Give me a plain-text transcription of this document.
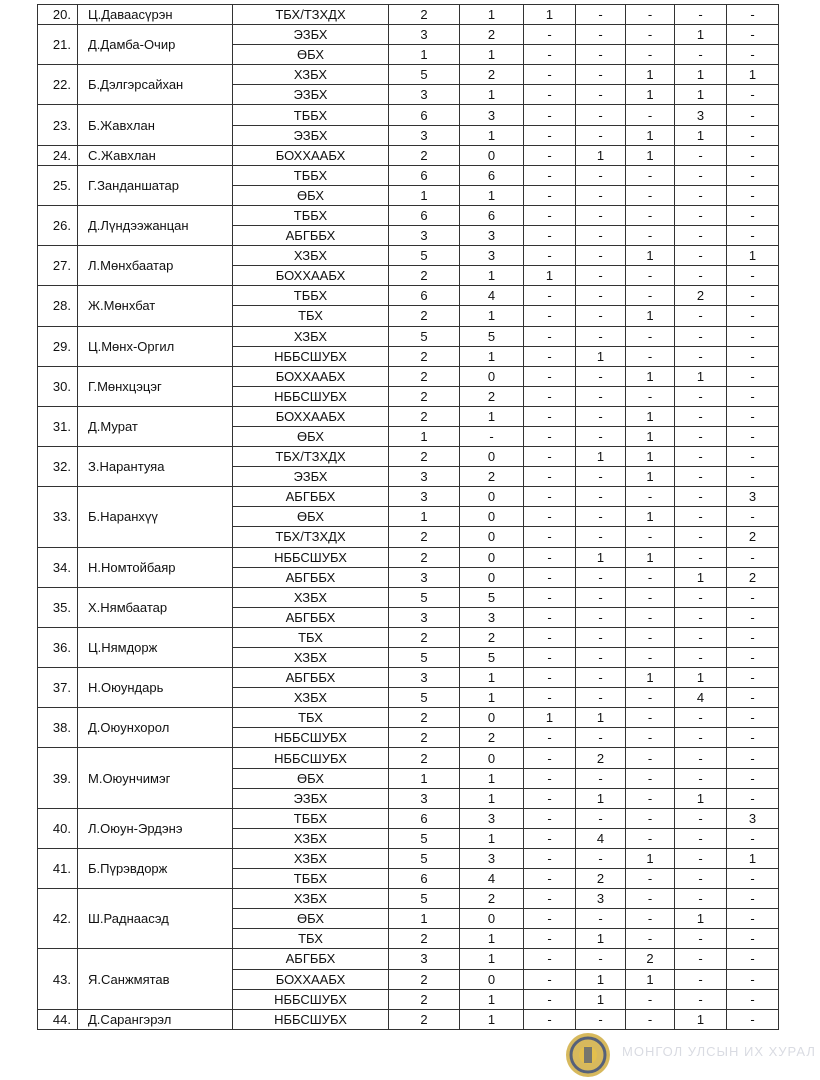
20.	Ц.Даваасүрэн	ТБХ/ТЗХДХ	2	1	1	-	-	-	-
21.	Д.Дамба-Очир	ЭЗБХ	3	2	-	-	-	1	-
		ӨБХ	1	1	-	-	-	-	-
22.	Б.Дэлгэрсайхан	ХЗБХ	5	2	-	-	1	1	1
		ЭЗБХ	3	1	-	-	1	1	-
23.	Б.Жавхлан	ТББХ	6	3	-	-	-	3	-
		ЭЗБХ	3	1	-	-	1	1	-
24.	С.Жавхлан	БОХХААБХ	2	0	-	1	1	-	-
25.	Г.Занданшатар	ТББХ	6	6	-	-	-	-	-
		ӨБХ	1	1	-	-	-	-	-
26.	Д.Лүндээжанцан	ТББХ	6	6	-	-	-	-	-
		АБГББХ	3	3	-	-	-	-	-
27.	Л.Мөнхбаатар	ХЗБХ	5	3	-	-	1	-	1
		БОХХААБХ	2	1	1	-	-	-	-
28.	Ж.Мөнхбат	ТББХ	6	4	-	-	-	2	-
		ТБХ	2	1	-	-	1	-	-
29.	Ц.Мөнх-Оргил	ХЗБХ	5	5	-	-	-	-	-
		НББСШУБХ	2	1	-	1	-	-	-
30.	Г.Мөнхцэцэг	БОХХААБХ	2	0	-	-	1	1	-
		НББСШУБХ	2	2	-	-	-	-	-
31.	Д.Мурат	БОХХААБХ	2	1	-	-	1	-	-
		ӨБХ	1	-	-	-	1	-	-
32.	З.Нарантуяа	ТБХ/ТЗХДХ	2	0	-	1	1	-	-
		ЭЗБХ	3	2	-	-	1	-	-
33.	Б.Наранхүү	АБГББХ	3	0	-	-	-	-	3
		ӨБХ	1	0	-	-	1	-	-
		ТБХ/ТЗХДХ	2	0	-	-	-	-	2
34.	Н.Номтойбаяр	НББСШУБХ	2	0	-	1	1	-	-
		АБГББХ	3	0	-	-	-	1	2
35.	Х.Нямбаатар	ХЗБХ	5	5	-	-	-	-	-
		АБГББХ	3	3	-	-	-	-	-
36.	Ц.Нямдорж	ТБХ	2	2	-	-	-	-	-
		ХЗБХ	5	5	-	-	-	-	-
37.	Н.Оюундарь	АБГББХ	3	1	-	-	1	1	-
		ХЗБХ	5	1	-	-	-	4	-
38.	Д.Оюунхорол	ТБХ	2	0	1	1	-	-	-
		НББСШУБХ	2	2	-	-	-	-	-
39.	М.Оюунчимэг	НББСШУБХ	2	0	-	2	-	-	-
		ӨБХ	1	1	-	-	-	-	-
		ЭЗБХ	3	1	-	1	-	1	-
40.	Л.Оюун-Эрдэнэ	ТББХ	6	3	-	-	-	-	3
		ХЗБХ	5	1	-	4	-	-	-
41.	Б.Пүрэвдорж	ХЗБХ	5	3	-	-	1	-	1
		ТББХ	6	4	-	2	-	-	-
42.	Ш.Раднаасэд	ХЗБХ	5	2	-	3	-	-	-
		ӨБХ	1	0	-	-	-	1	-
		ТБХ	2	1	-	1	-	-	-
43.	Я.Санжмятав	АБГББХ	3	1	-	-	2	-	-
		БОХХААБХ	2	0	-	1	1	-	-
		НББСШУБХ	2	1	-	1	-	-	-
44.	Д.Сарангэрэл	НББСШУБХ	2	1	-	-	-	1	-
МОНГОЛ УЛСЫН ИХ ХУРАЛ
